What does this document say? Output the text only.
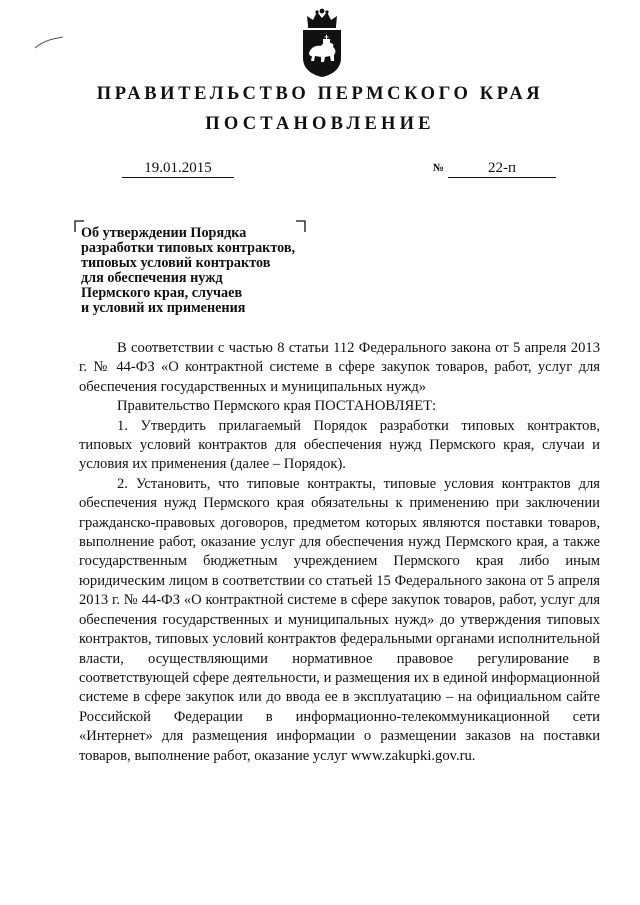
ПРАВИТЕЛЬСТВО ПЕРМСКОГО КРАЯ
ПОСТАНОВЛЕНИЕ
19.01.2015	№	22-п
Об утверждении Порядка
разработки типовых контрактов,
типовых условий контрактов
для обеспечения нужд
Пермского края, случаев
и условий их применения

В соответствии с частью 8 статьи 112 Федерального закона от 5 апреля 2013 г. № 44-ФЗ «О контрактной системе в сфере закупок товаров, работ, услуг для обеспечения государственных и муниципальных нужд»

Правительство Пермского края ПОСТАНОВЛЯЕТ:

1. Утвердить прилагаемый Порядок разработки типовых контрактов, типовых условий контрактов для обеспечения нужд Пермского края, случаи и условия их применения (далее – Порядок).

2. Установить, что типовые контракты, типовые условия контрактов для обеспечения нужд Пермского края обязательны к применению при заключении гражданско-правовых договоров, предметом которых являются поставки товаров, выполнение работ, оказание услуг для обеспечения нужд Пермского края, а также государственным бюджетным учреждением Пермского края либо иным юридическим лицом в соответствии со статьей 15 Федерального закона от 5 апреля 2013 г. № 44-ФЗ «О контрактной системе в сфере закупок товаров, работ, услуг для обеспечения государственных и муниципальных нужд» до утверждения типовых контрактов, типовых условий контрактов федеральными органами исполнительной власти, осуществляющими нормативное правовое регулирование в соответствующей сфере деятельности, и размещения их в единой информационной системе в сфере закупок или до ввода ее в эксплуатацию – на официальном сайте Российской Федерации в информационно-телекоммуникационной сети «Интернет» для размещения информации о размещении заказов на поставки товаров, выполнение работ, оказание услуг www.zakupki.gov.ru.
